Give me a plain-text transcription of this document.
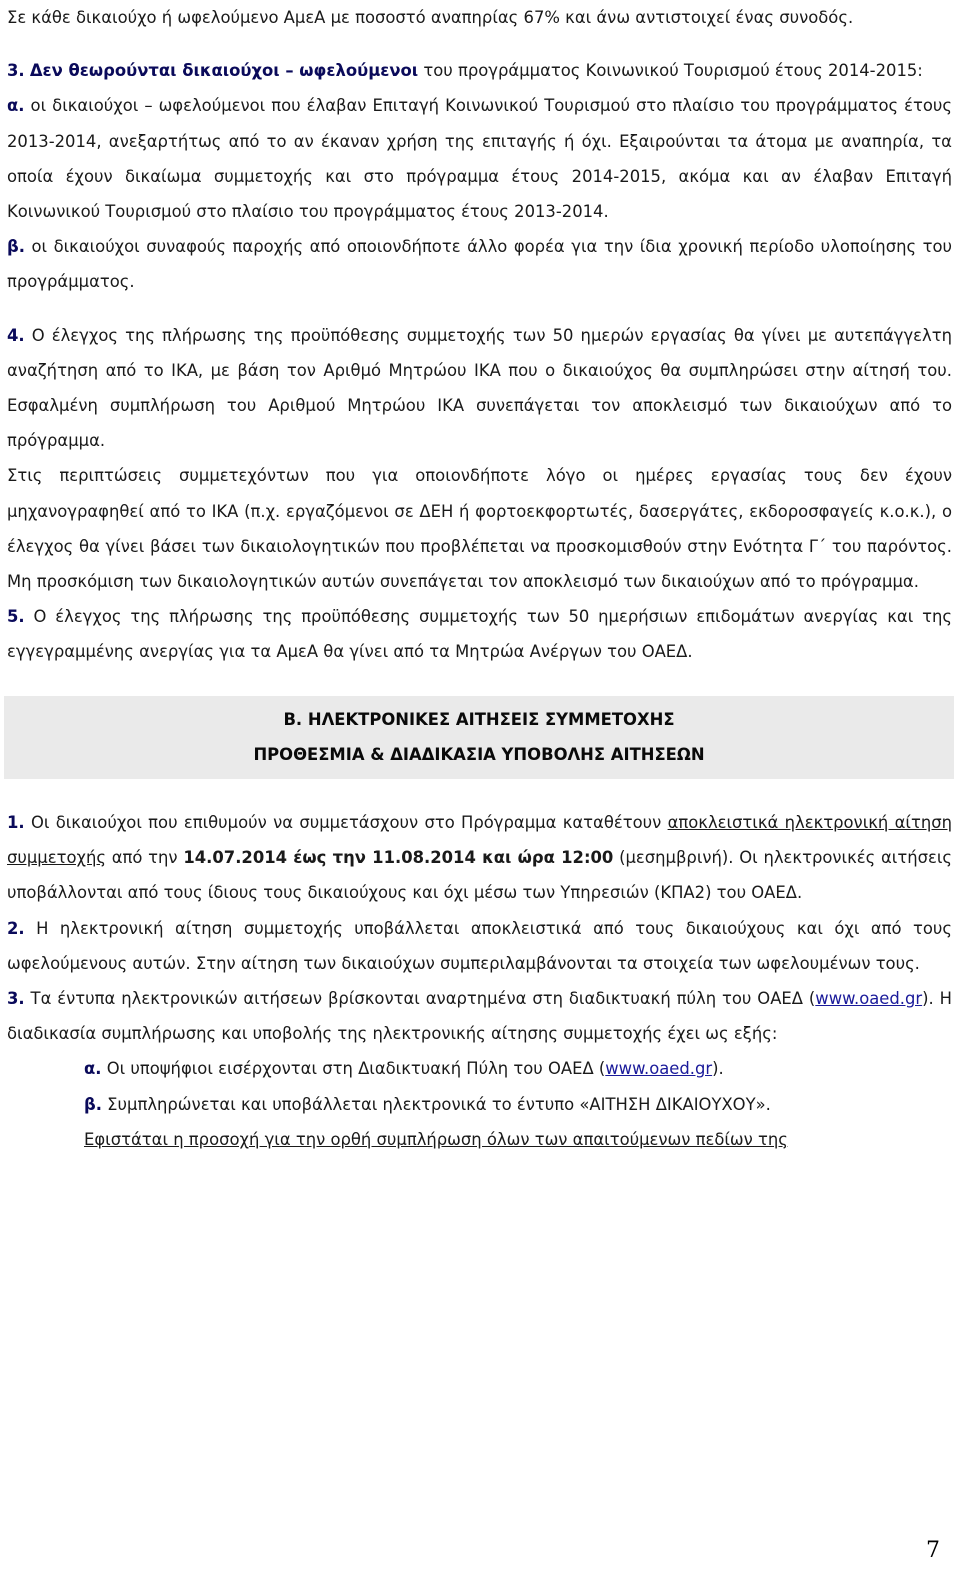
Σε κάθε δικαιούχο ή ωφελούμενο ΑμεΑ με ποσοστό αναπηρίας 67% και άνω αντιστοιχεί ένας συνοδός.

3. Δεν θεωρούνται δικαιούχοι – ωφελούμενοι του προγράμματος Κοινωνικού Τουρισμού έτους 2014-2015:

α. οι δικαιούχοι – ωφελούμενοι που έλαβαν Επιταγή Κοινωνικού Τουρισμού στο πλαίσιο του προγράμματος έτους 2013-2014, ανεξαρτήτως από το αν έκαναν χρήση της επιταγής ή όχι. Εξαιρούνται τα άτομα με αναπηρία, τα οποία έχουν δικαίωμα συμμετοχής και στο πρόγραμμα έτους 2014-2015, ακόμα και αν έλαβαν Επιταγή Κοινωνικού Τουρισμού στο πλαίσιο του προγράμματος έτους 2013-2014.

β. οι δικαιούχοι συναφούς παροχής από οποιονδήποτε άλλο φορέα για την ίδια χρονική περίοδο υλοποίησης του προγράμματος.

4. Ο έλεγχος της πλήρωσης της προϋπόθεσης συμμετοχής των 50 ημερών εργασίας θα γίνει με αυτεπάγγελτη αναζήτηση από το ΙΚΑ, με βάση τον Αριθμό Μητρώου ΙΚΑ που ο δικαιούχος θα συμπληρώσει στην αίτησή του. Εσφαλμένη συμπλήρωση του Αριθμού Μητρώου ΙΚΑ συνεπάγεται τον αποκλεισμό των δικαιούχων από το πρόγραμμα.

Στις περιπτώσεις συμμετεχόντων που για οποιονδήποτε λόγο οι ημέρες εργασίας τους δεν έχουν μηχανογραφηθεί από το ΙΚΑ (π.χ. εργαζόμενοι σε ΔΕΗ ή φορτοεκφορτωτές, δασεργάτες, εκδοροσφαγείς κ.ο.κ.), ο έλεγχος θα γίνει βάσει των δικαιολογητικών που προβλέπεται να προσκομισθούν στην Ενότητα Γ΄ του παρόντος. Μη προσκόμιση των δικαιολογητικών αυτών συνεπάγεται τον αποκλεισμό των δικαιούχων από το πρόγραμμα.

5. Ο έλεγχος της πλήρωσης της προϋπόθεσης συμμετοχής των 50 ημερήσιων επιδομάτων ανεργίας και της εγγεγραμμένης ανεργίας για τα ΑμεΑ θα γίνει από τα Μητρώα Ανέργων του ΟΑΕΔ.

Β. ΗΛΕΚΤΡΟΝΙΚΕΣ ΑΙΤΗΣΕΙΣ ΣΥΜΜΕΤΟΧΗΣ

ΠΡΟΘΕΣΜΙΑ & ΔΙΑΔΙΚΑΣΙΑ ΥΠΟΒΟΛΗΣ ΑΙΤΗΣΕΩΝ

1. Οι δικαιούχοι που επιθυμούν να συμμετάσχουν στο Πρόγραμμα καταθέτουν αποκλειστικά ηλεκτρονική αίτηση συμμετοχής από την 14.07.2014 έως την 11.08.2014 και ώρα 12:00 (μεσημβρινή). Οι ηλεκτρονικές αιτήσεις υποβάλλονται από τους ίδιους τους δικαιούχους και όχι μέσω των Υπηρεσιών (ΚΠΑ2) του ΟΑΕΔ.

2. Η ηλεκτρονική αίτηση συμμετοχής υποβάλλεται αποκλειστικά από τους δικαιούχους και όχι από τους ωφελούμενους αυτών. Στην αίτηση των δικαιούχων συμπεριλαμβάνονται τα στοιχεία των ωφελουμένων τους.

3. Τα έντυπα ηλεκτρονικών αιτήσεων βρίσκονται αναρτημένα στη διαδικτυακή πύλη του ΟΑΕΔ (www.oaed.gr). Η διαδικασία συμπλήρωσης και υποβολής της ηλεκτρονικής αίτησης συμμετοχής έχει ως εξής:

α. Οι υποψήφιοι εισέρχονται στη Διαδικτυακή Πύλη του ΟΑΕΔ (www.oaed.gr).

β. Συμπληρώνεται και υποβάλλεται ηλεκτρονικά το έντυπο «ΑΙΤΗΣΗ ΔΙΚΑΙΟΥΧΟΥ».
Εφιστάται η προσοχή για την ορθή συμπλήρωση όλων των απαιτούμενων πεδίων της

7
